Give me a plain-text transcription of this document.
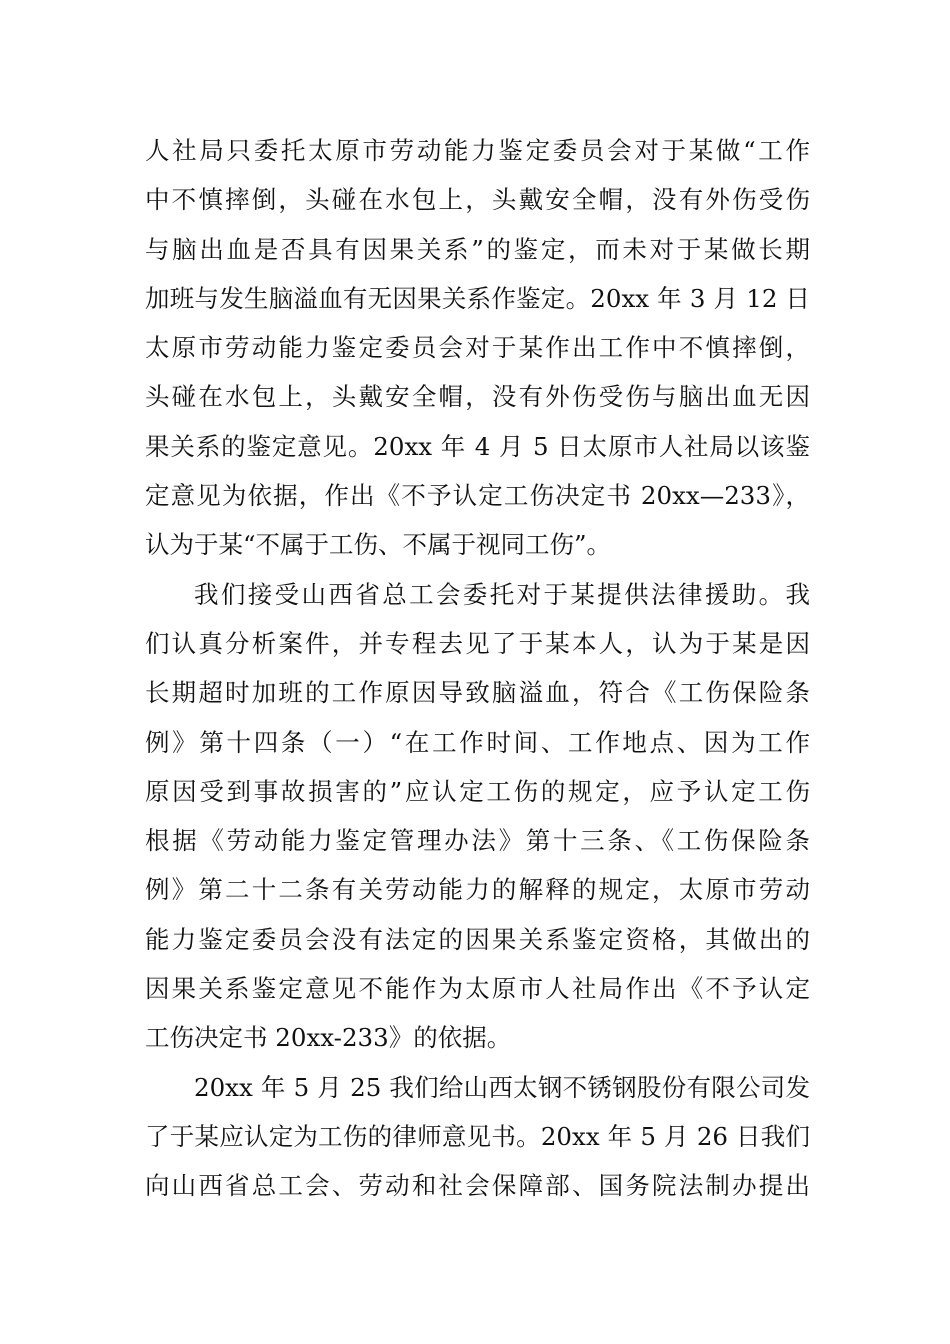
人社局只委托太原市劳动能力鉴定委员会对于某做“工作
中不慎摔倒，头碰在水包上，头戴安全帽，没有外伤受伤
与脑出血是否具有因果关系”的鉴定，而未对于某做长期
加班与发生脑溢血有无因果关系作鉴定。20xx 年 3 月 12 日
太原市劳动能力鉴定委员会对于某作出工作中不慎摔倒，
头碰在水包上，头戴安全帽，没有外伤受伤与脑出血无因
果关系的鉴定意见。20xx 年 4 月 5 日太原市人社局以该鉴
定意见为依据，作出《不予认定工伤决定书 20xx—233》，
认为于某“不属于工伤、不属于视同工伤”。
我们接受山西省总工会委托对于某提供法律援助。我
们认真分析案件，并专程去见了于某本人，认为于某是因
长期超时加班的工作原因导致脑溢血，符合《工伤保险条
例》第十四条（一）“在工作时间、工作地点、因为工作
原因受到事故损害的”应认定工伤的规定，应予认定工伤
根据《劳动能力鉴定管理办法》第十三条、《工伤保险条
例》第二十二条有关劳动能力的解释的规定，太原市劳动
能力鉴定委员会没有法定的因果关系鉴定资格，其做出的
因果关系鉴定意见不能作为太原市人社局作出《不予认定
工伤决定书 20xx-233》的依据。
20xx 年 5 月 25 我们给山西太钢不锈钢股份有限公司发
了于某应认定为工伤的律师意见书。20xx 年 5 月 26 日我们
向山西省总工会、劳动和社会保障部、国务院法制办提出
